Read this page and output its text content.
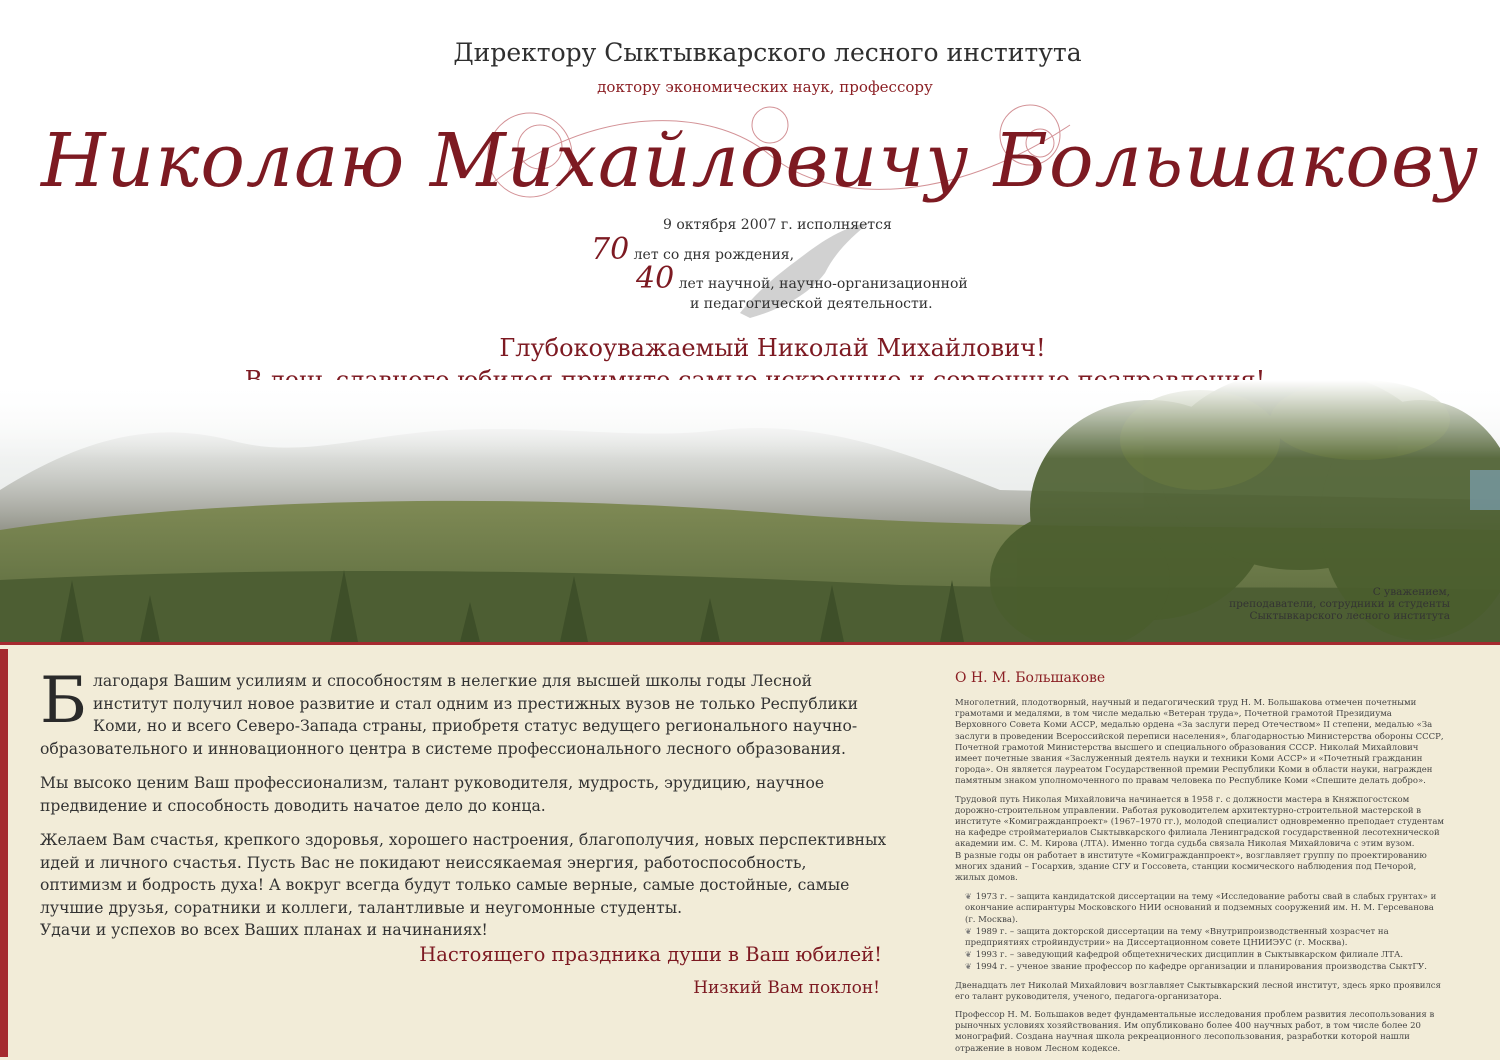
Директору Сыктывкарского лесного института
доктору экономических наук, профессору
Николаю Михайловичу Большакову
9 октября 2007 г. исполняется
70 лет со дня рождения,
40 лет научной, научно-организационной
и педагогической деятельности.
Глубокоуважаемый Николай Михайлович!
С уважением,
преподаватели, сотрудники и студенты
Сыктывкарского лесного института

Б лагодаря Вашим усилиям и способностям в нелегкие для высшей школы годы Лесной институт получил новое развитие и стал одним из престижных вузов не только Республики Коми, но и всего Северо-Запада страны, приобретя статус ведущего регионального научно-образовательного и инновационного центра в системе профессионального лесного образования.

Мы высоко ценим Ваш профессионализм, талант руководителя, мудрость, эрудицию, научное предвидение и способность доводить начатое дело до конца.

Желаем Вам счастья, крепкого здоровья, хорошего настроения, благополучия, новых перспективных идей и личного счастья. Пусть Вас не покидают неиссякаемая энергия, работоспособность, оптимизм и бодрость духа! А вокруг всегда будут только самые верные, самые достойные, самые лучшие друзья, соратники и коллеги, талантливые и неугомонные студенты.

Удачи и успехов во всех Ваших планах и начинаниях!

Настоящего праздника души в Ваш юбилей!
Низкий Вам поклон!
О Н. М. Большакове

Многолетний, плодотворный, научный и педагогический труд Н. М. Большакова отмечен почетными грамотами и медалями, в том числе медалью «Ветеран труда», Почетной грамотой Президиума Верховного Совета Коми АССР, медалью ордена «За заслуги перед Отечеством» II степени, медалью «За заслуги в проведении Всероссийской переписи населения», благодарностью Министерства обороны СССР, Почетной грамотой Министерства высшего и специального образования СССР. Николай Михайлович имеет почетные звания «Заслуженный деятель науки и техники Коми АССР» и «Почетный гражданин города». Он является лауреатом Государственной премии Республики Коми в области науки, награжден памятным знаком уполномоченного по правам человека по Республике Коми «Спешите делать добро».

Трудовой путь Николая Михайловича начинается в 1958 г. с должности мастера в Княжпогостском дорожно-строительном управлении. Работая руководителем архитектурно-строительной мастерской в институте «Комигражданпроект» (1967–1970 гг.), молодой специалист одновременно преподает студентам на кафедре стройматериалов Сыктывкарского филиала Ленинградской государственной лесотехнической академии им. С. М. Кирова (ЛТА). Именно тогда судьба связала Николая Михайловича с этим вузом.

В разные годы он работает в институте «Комигражданпроект», возглавляет группу по проектированию многих зданий – Госархив, здание СГУ и Госсовета, станции космического наблюдения под Печорой, жилых домов.

❦ 1973 г. – защита кандидатской диссертации на тему «Исследование работы свай в слабых грунтах» и окончание аспирантуры Московского НИИ оснований и подземных сооружений им. Н. М. Герсеванова (г. Москва).
❦ 1989 г. – защита докторской диссертации на тему «Внутрипроизводственный хозрасчет на предприятиях стройиндустрии» на Диссертационном совете ЦНИИЭУС (г. Москва).
❦ 1993 г. – заведующий кафедрой общетехнических дисциплин в Сыктывкарском филиале ЛТА.
❦ 1994 г. – ученое звание профессор по кафедре организации и планирования производства СыктГУ.

Двенадцать лет Николай Михайлович возглавляет Сыктывкарский лесной институт, здесь ярко проявился его талант руководителя, ученого, педагога-организатора.

Профессор Н. М. Большаков ведет фундаментальные исследования проблем развития лесопользования в рыночных условиях хозяйствования. Им опубликовано более 400 научных работ, в том числе более 20 монографий. Создана научная школа рекреационного лесопользования, разработки которой нашли отражение в новом Лесном кодексе.
